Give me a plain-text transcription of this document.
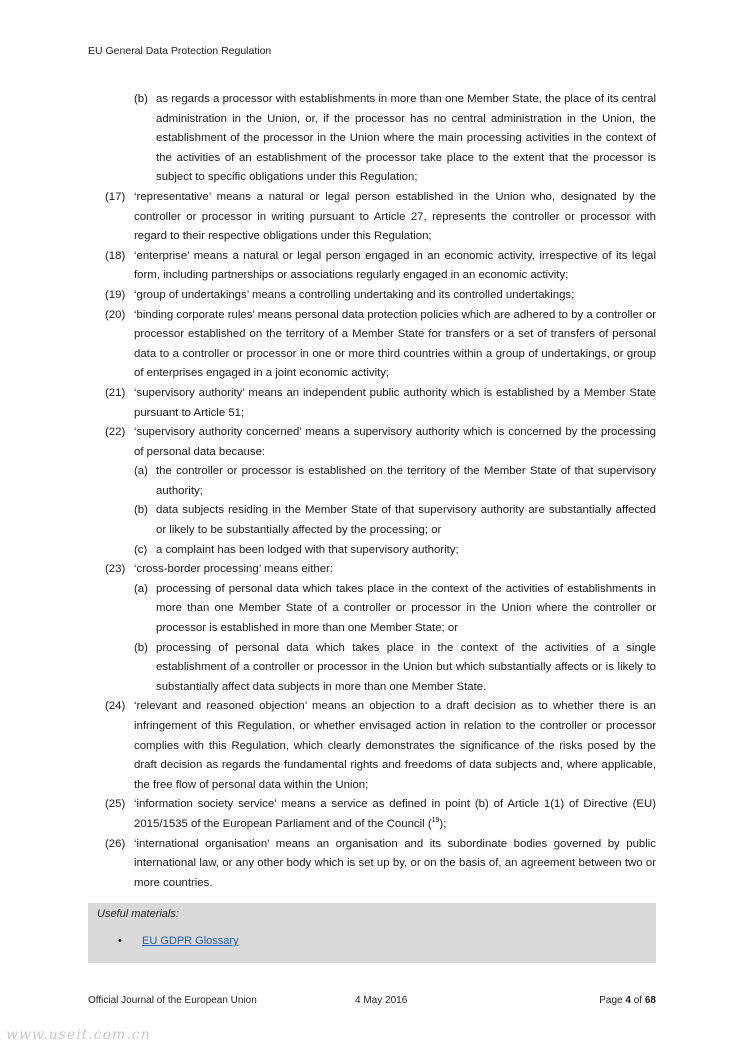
EU General Data Protection Regulation
(b) as regards a processor with establishments in more than one Member State, the place of its central administration in the Union, or, if the processor has no central administration in the Union, the establishment of the processor in the Union where the main processing activities in the context of the activities of an establishment of the processor take place to the extent that the processor is subject to specific obligations under this Regulation;
(17) ‘representative’ means a natural or legal person established in the Union who, designated by the controller or processor in writing pursuant to Article 27, represents the controller or processor with regard to their respective obligations under this Regulation;
(18) ‘enterprise’ means a natural or legal person engaged in an economic activity, irrespective of its legal form, including partnerships or associations regularly engaged in an economic activity;
(19) ‘group of undertakings’ means a controlling undertaking and its controlled undertakings;
(20) ‘binding corporate rules’ means personal data protection policies which are adhered to by a controller or processor established on the territory of a Member State for transfers or a set of transfers of personal data to a controller or processor in one or more third countries within a group of undertakings, or group of enterprises engaged in a joint economic activity;
(21) ‘supervisory authority’ means an independent public authority which is established by a Member State pursuant to Article 51;
(22) ‘supervisory authority concerned’ means a supervisory authority which is concerned by the processing of personal data because:
(a) the controller or processor is established on the territory of the Member State of that supervisory authority;
(b) data subjects residing in the Member State of that supervisory authority are substantially affected or likely to be substantially affected by the processing; or
(c) a complaint has been lodged with that supervisory authority;
(23) ‘cross-border processing’ means either:
(a) processing of personal data which takes place in the context of the activities of establishments in more than one Member State of a controller or processor in the Union where the controller or processor is established in more than one Member State; or
(b) processing of personal data which takes place in the context of the activities of a single establishment of a controller or processor in the Union but which substantially affects or is likely to substantially affect data subjects in more than one Member State.
(24) ‘relevant and reasoned objection’ means an objection to a draft decision as to whether there is an infringement of this Regulation, or whether envisaged action in relation to the controller or processor complies with this Regulation, which clearly demonstrates the significance of the risks posed by the draft decision as regards the fundamental rights and freedoms of data subjects and, where applicable, the free flow of personal data within the Union;
(25) ‘information society service’ means a service as defined in point (b) of Article 1(1) of Directive (EU) 2015/1535 of the European Parliament and of the Council ($^{19}$);
(26) ‘international organisation’ means an organisation and its subordinate bodies governed by public international law, or any other body which is set up by, or on the basis of, an agreement between two or more countries.
Useful materials:
• EU GDPR Glossary
Official Journal of the European Union	4 May 2016	Page 4 of 68
www.useit.com.cn
